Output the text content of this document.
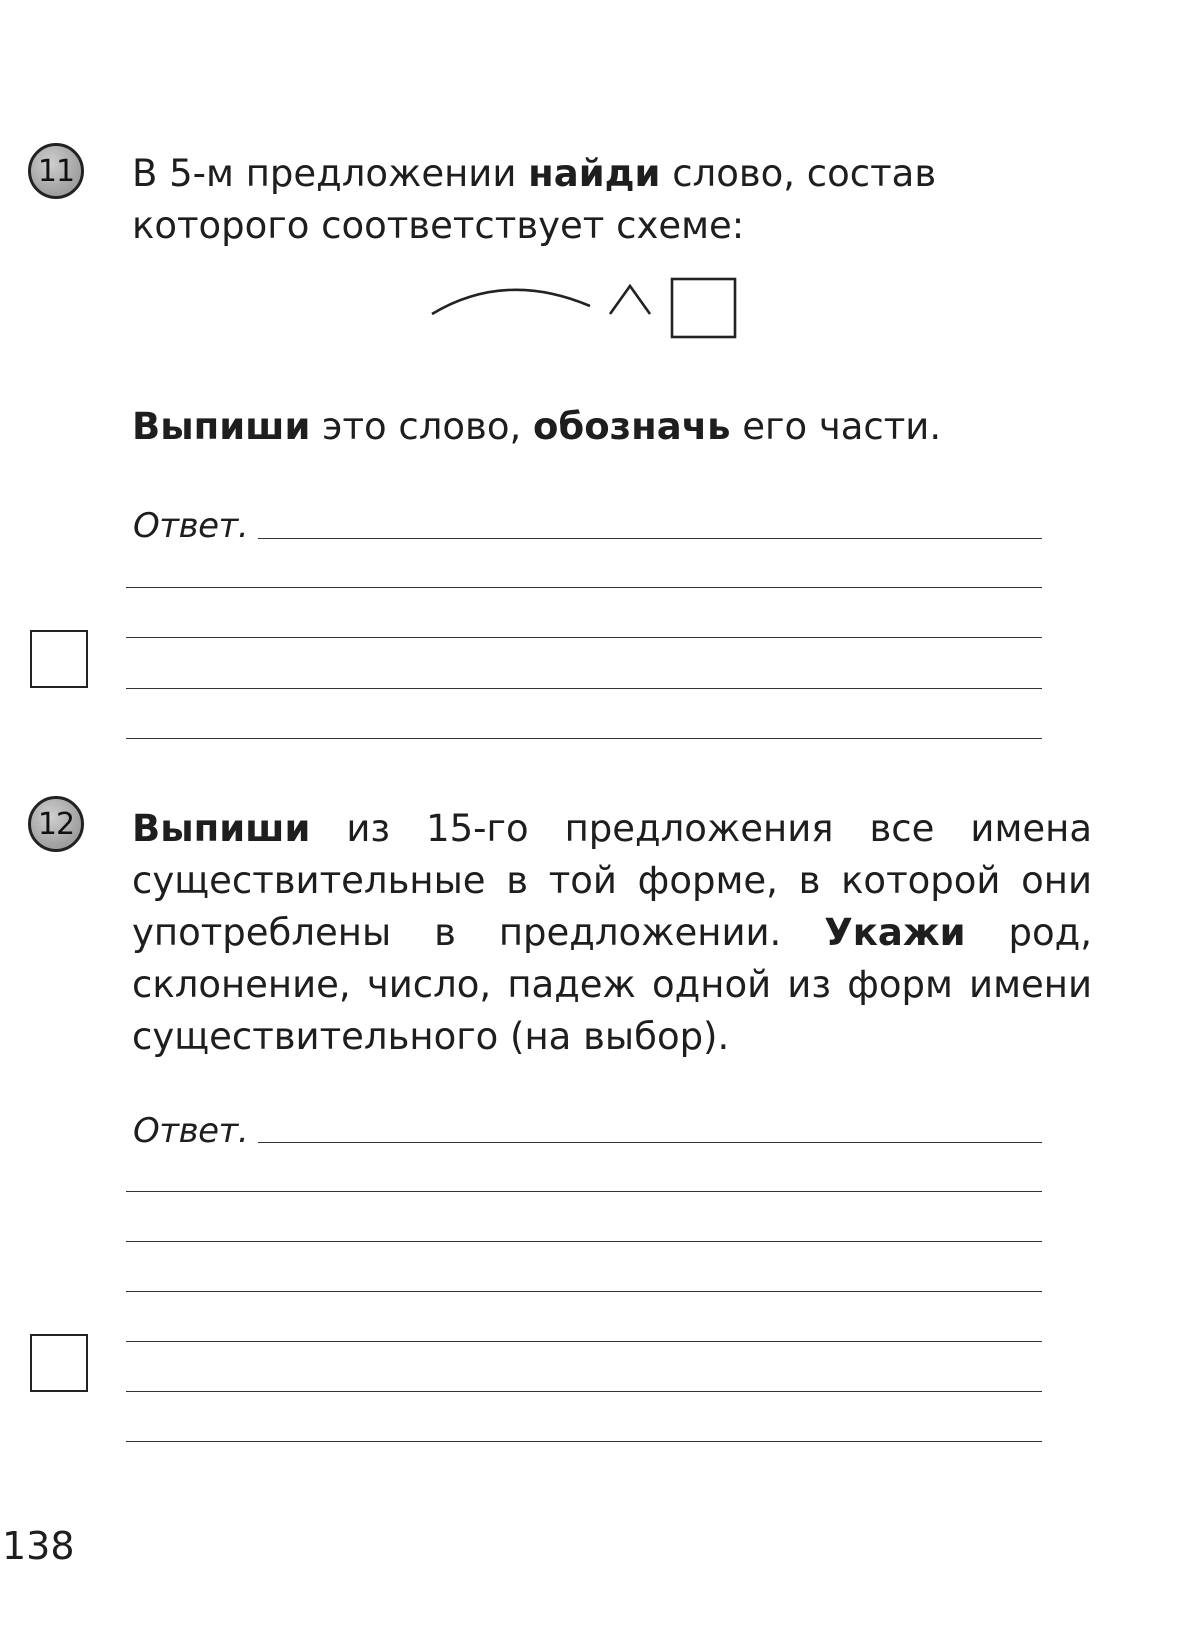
11 В 5-м предложении найди слово, состав которого соответствует схеме:
Выпиши это слово, обозначь его части.
Ответ.
12 Выпиши из 15-го предложения все имена существительные в той форме, в которой они употреблены в предложении. Укажи род, склонение, число, падеж одной из форм имени существительного (на выбор).
Ответ.
138
